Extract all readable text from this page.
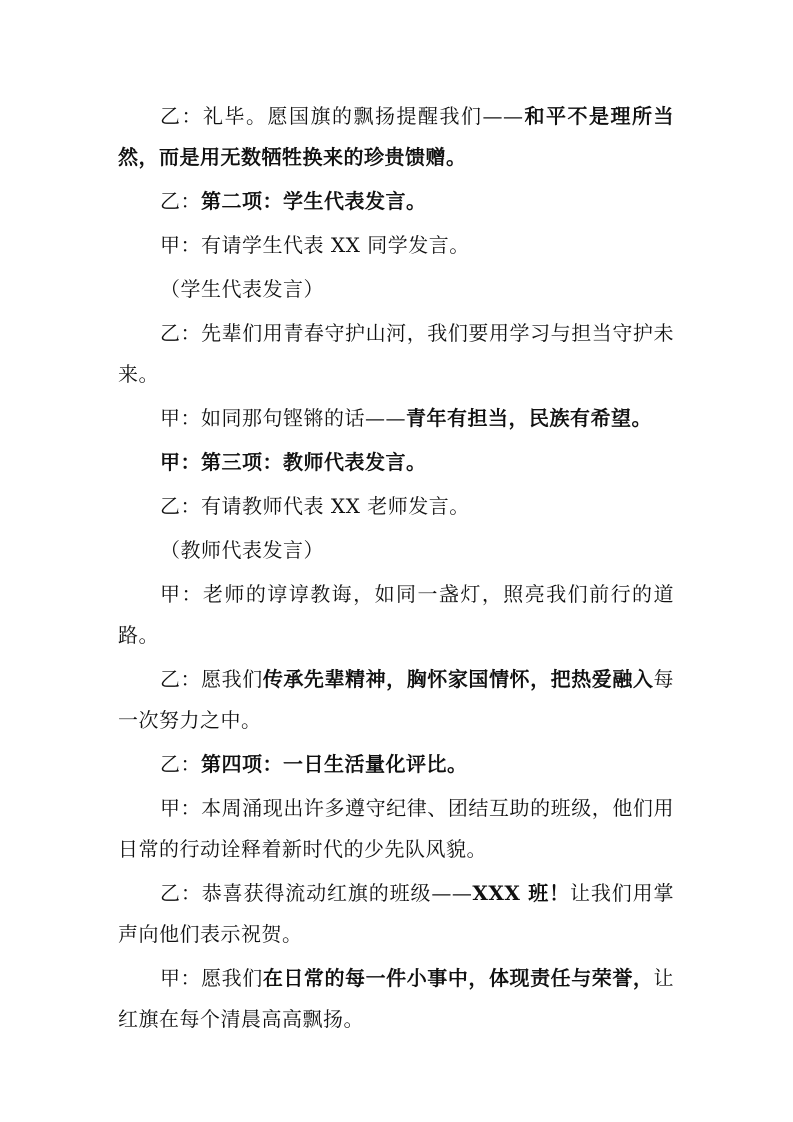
乙：礼毕。愿国旗的飘扬提醒我们——和平不是理所当然，而是用无数牺牲换来的珍贵馈赠。

乙：第二项：学生代表发言。

甲：有请学生代表 XX 同学发言。

（学生代表发言）

乙：先辈们用青春守护山河，我们要用学习与担当守护未来。

甲：如同那句铿锵的话——青年有担当，民族有希望。

甲：第三项：教师代表发言。

乙：有请教师代表 XX 老师发言。

（教师代表发言）

甲：老师的谆谆教诲，如同一盏灯，照亮我们前行的道路。

乙：愿我们传承先辈精神，胸怀家国情怀，把热爱融入每一次努力之中。

乙：第四项：一日生活量化评比。

甲：本周涌现出许多遵守纪律、团结互助的班级，他们用日常的行动诠释着新时代的少先队风貌。

乙：恭喜获得流动红旗的班级——XXX 班！让我们用掌声向他们表示祝贺。

甲：愿我们在日常的每一件小事中，体现责任与荣誉，让红旗在每个清晨高高飘扬。
